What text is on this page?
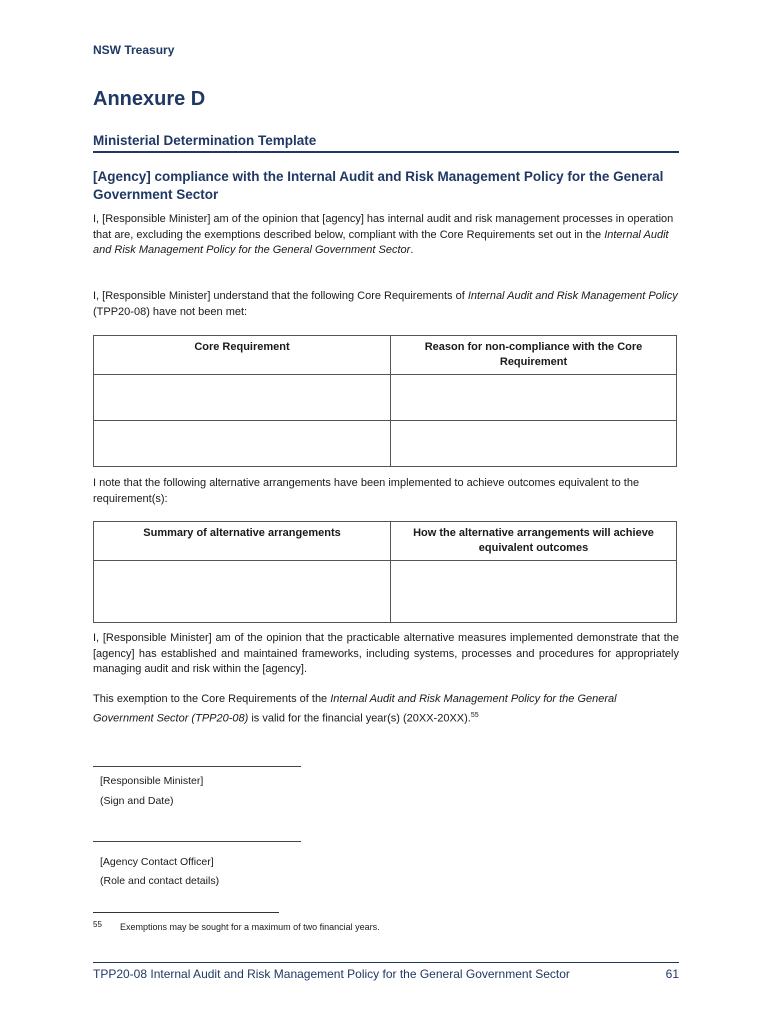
NSW Treasury
Annexure D
Ministerial Determination Template
[Agency] compliance with the Internal Audit and Risk Management Policy for the General Government Sector
I, [Responsible Minister] am of the opinion that [agency] has internal audit and risk management processes in operation that are, excluding the exemptions described below, compliant with the Core Requirements set out in the Internal Audit and Risk Management Policy for the General Government Sector.
I, [Responsible Minister] understand that the following Core Requirements of Internal Audit and Risk Management Policy (TPP20-08) have not been met:
Core Requirement	Reason for non-compliance with the Core Requirement

I note that the following alternative arrangements have been implemented to achieve outcomes equivalent to the requirement(s):
Summary of alternative arrangements	How the alternative arrangements will achieve equivalent outcomes

I, [Responsible Minister] am of the opinion that the practicable alternative measures implemented demonstrate that the [agency] has established and maintained frameworks, including systems, processes and procedures for appropriately managing audit and risk within the [agency].
This exemption to the Core Requirements of the Internal Audit and Risk Management Policy for the General Government Sector (TPP20-08) is valid for the financial year(s) (20XX-20XX).$^{55}$
[Responsible Minister]
(Sign and Date)
[Agency Contact Officer]
(Role and contact details)
55 Exemptions may be sought for a maximum of two financial years.
TPP20-08 Internal Audit and Risk Management Policy for the General Government Sector	61
